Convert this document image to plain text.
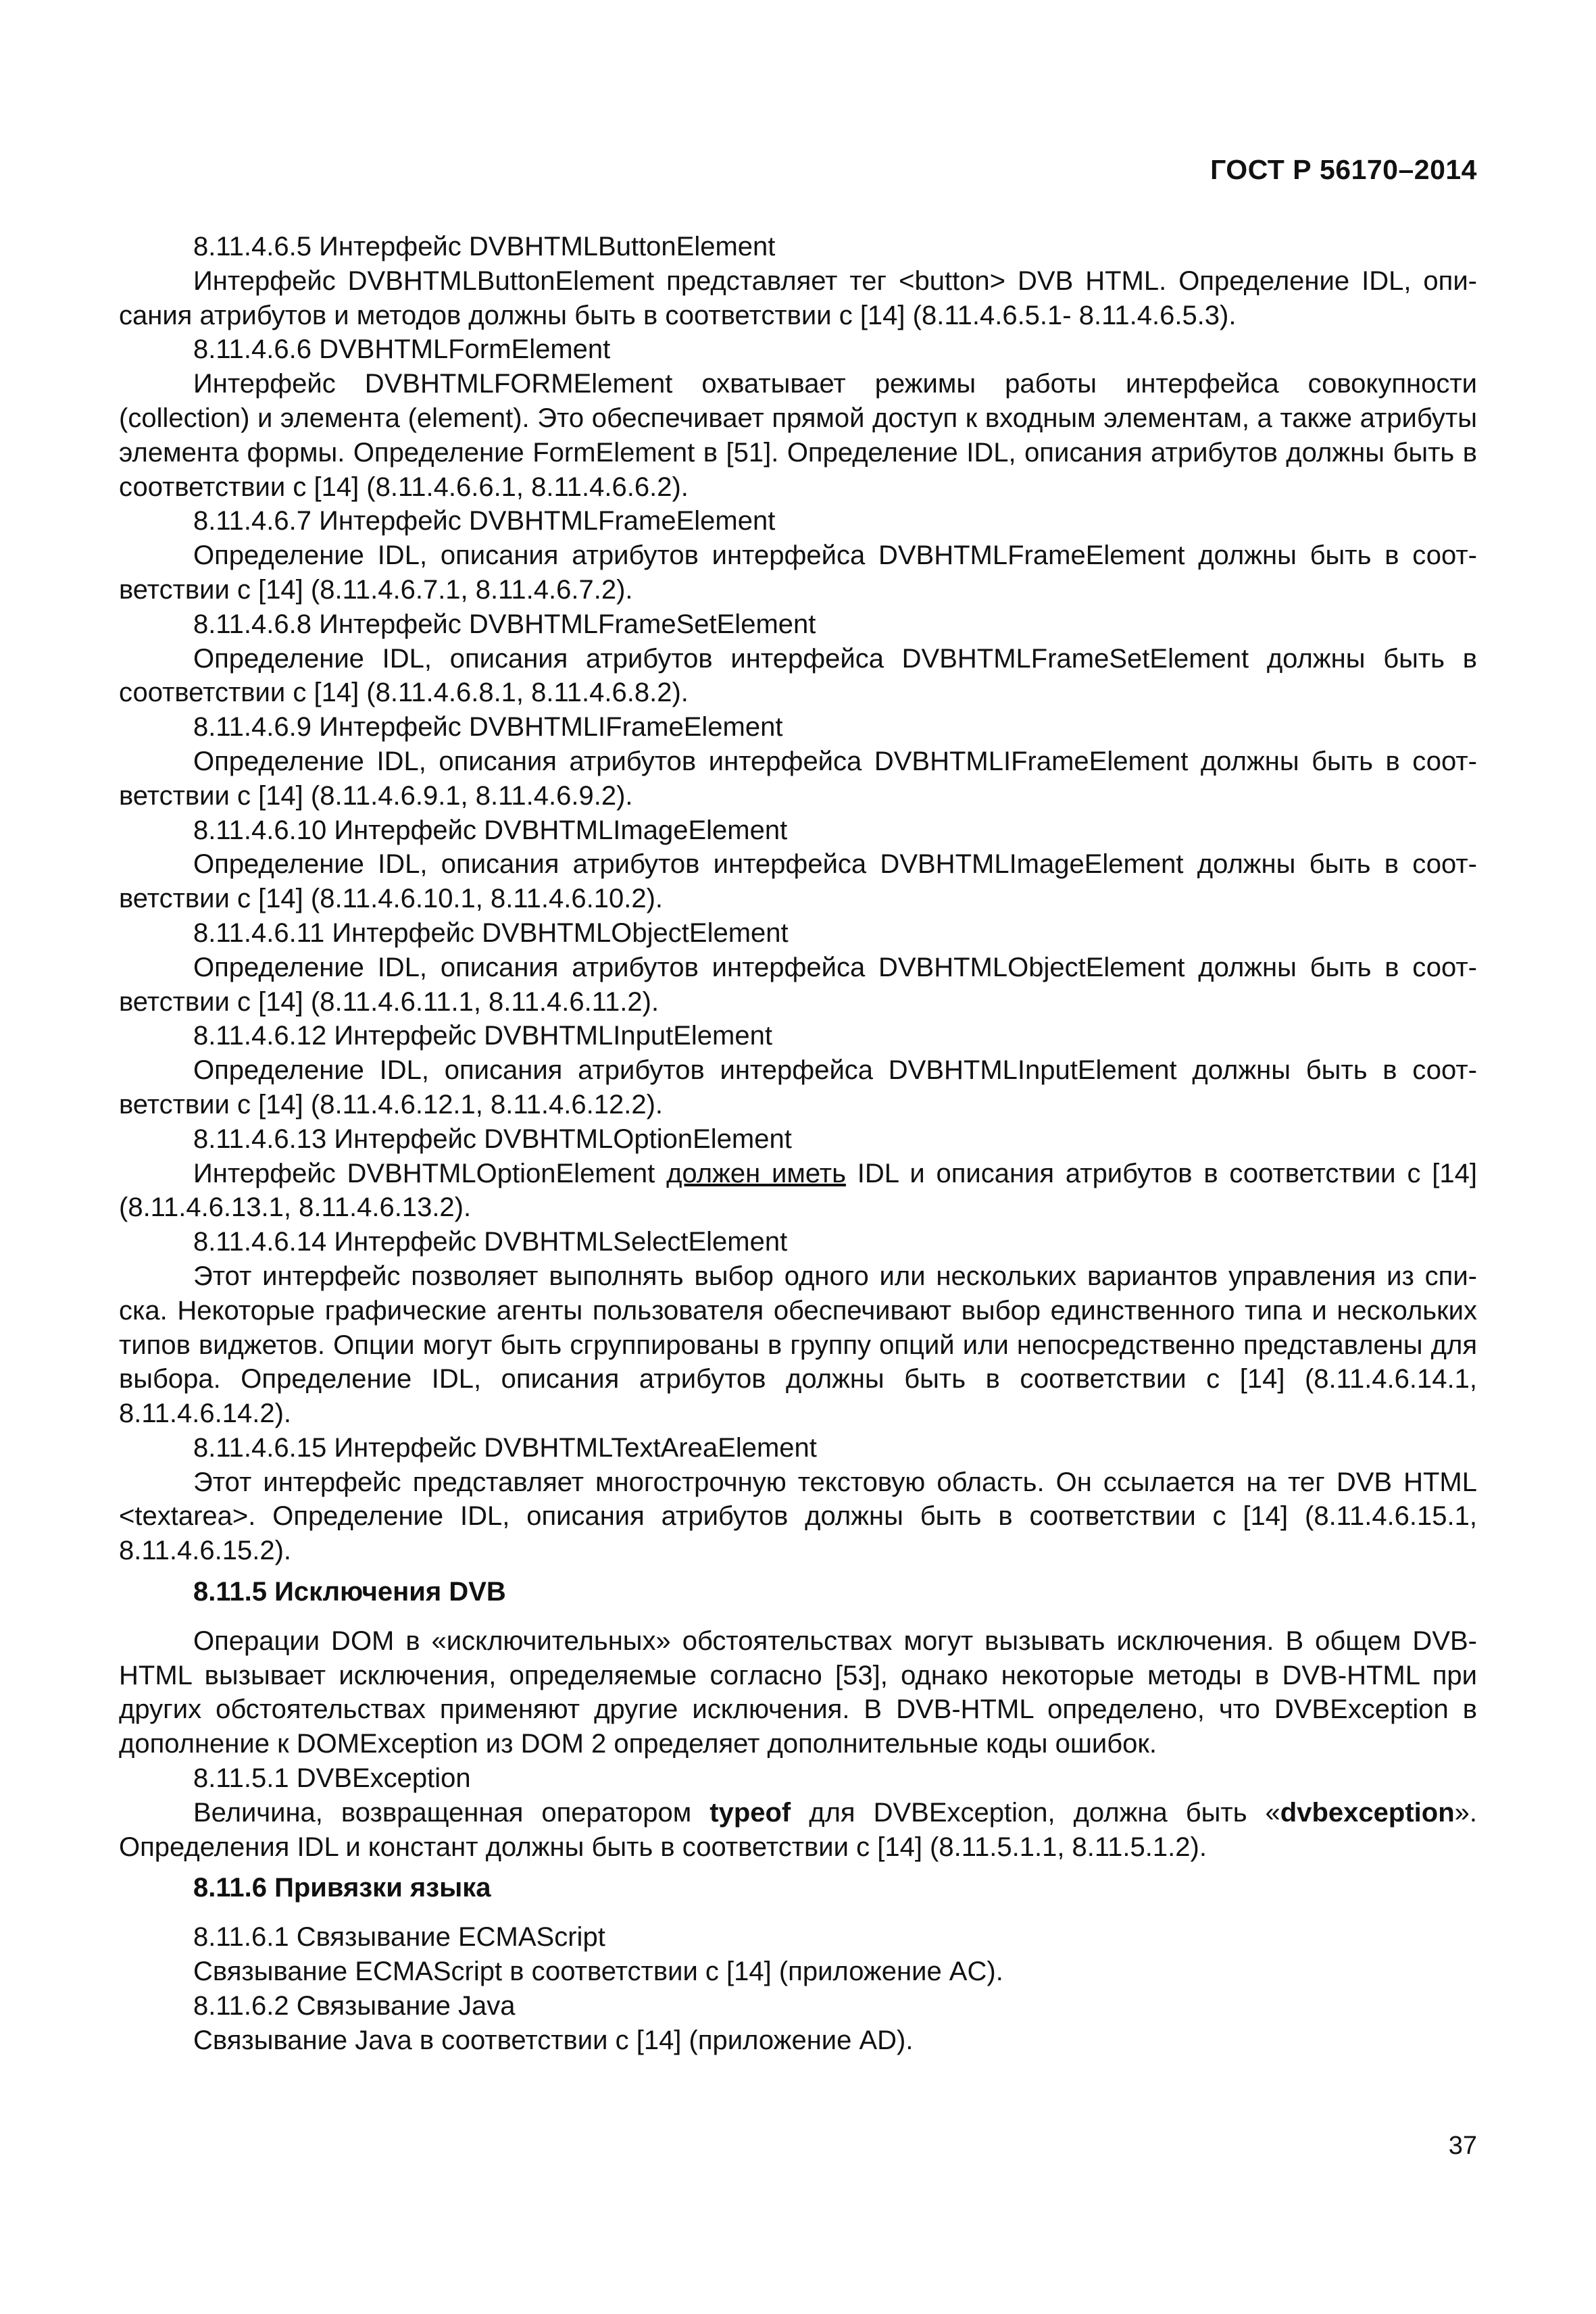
ГОСТ Р 56170–2014

8.11.4.6.5 Интерфейс DVBHTMLButtonElement

Интерфейс DVBHTMLButtonElement представляет тег <button> DVB HTML. Определение IDL, описания атрибутов и методов должны быть в соответствии с [14] (8.11.4.6.5.1- 8.11.4.6.5.3).

8.11.4.6.6 DVBHTMLFormElement

Интерфейс DVBHTMLFORMElement охватывает режимы работы интерфейса совокупности (collection) и элемента (element). Это обеспечивает прямой доступ к входным элементам, а также атрибуты элемента формы. Определение FormElement в [51]. Определение IDL, описания атрибутов должны быть в соответствии с [14] (8.11.4.6.6.1, 8.11.4.6.6.2).

8.11.4.6.7 Интерфейс DVBHTMLFrameElement

Определение IDL, описания атрибутов интерфейса DVBHTMLFrameElement должны быть в соответствии с [14] (8.11.4.6.7.1, 8.11.4.6.7.2).

8.11.4.6.8 Интерфейс DVBHTMLFrameSetElement

Определение IDL, описания атрибутов интерфейса DVBHTMLFrameSetElement должны быть в соответствии с [14] (8.11.4.6.8.1, 8.11.4.6.8.2).

8.11.4.6.9 Интерфейс DVBHTMLIFrameElement

Определение IDL, описания атрибутов интерфейса DVBHTMLIFrameElement должны быть в соответствии с [14] (8.11.4.6.9.1, 8.11.4.6.9.2).

8.11.4.6.10 Интерфейс DVBHTMLImageElement

Определение IDL, описания атрибутов интерфейса DVBHTMLImageElement должны быть в соответствии с [14] (8.11.4.6.10.1, 8.11.4.6.10.2).

8.11.4.6.11 Интерфейс DVBHTMLObjectElement

Определение IDL, описания атрибутов интерфейса DVBHTMLObjectElement должны быть в соответствии с [14] (8.11.4.6.11.1, 8.11.4.6.11.2).

8.11.4.6.12 Интерфейс DVBHTMLInputElement

Определение IDL, описания атрибутов интерфейса DVBHTMLInputElement должны быть в соответствии с [14] (8.11.4.6.12.1, 8.11.4.6.12.2).

8.11.4.6.13 Интерфейс DVBHTMLOptionElement

Интерфейс DVBHTMLOptionElement должен иметь IDL и описания атрибутов в соответствии с [14] (8.11.4.6.13.1, 8.11.4.6.13.2).

8.11.4.6.14 Интерфейс DVBHTMLSelectElement

Этот интерфейс позволяет выполнять выбор одного или нескольких вариантов управления из списка. Некоторые графические агенты пользователя обеспечивают выбор единственного типа и нескольких типов виджетов. Опции могут быть сгруппированы в группу опций или непосредственно представлены для выбора. Определение IDL, описания атрибутов должны быть в соответствии с [14] (8.11.4.6.14.1, 8.11.4.6.14.2).

8.11.4.6.15 Интерфейс DVBHTMLTextAreaElement

Этот интерфейс представляет многострочную текстовую область. Он ссылается на тег DVB HTML <textarea>. Определение IDL, описания атрибутов должны быть в соответствии с [14] (8.11.4.6.15.1, 8.11.4.6.15.2).

8.11.5 Исключения DVB

Операции DOM в «исключительных» обстоятельствах могут вызывать исключения. В общем DVB-HTML вызывает исключения, определяемые согласно [53], однако некоторые методы в DVB-HTML при других обстоятельствах применяют другие исключения. В DVB-HTML определено, что DVBException в дополнение к DOMException из DOM 2 определяет дополнительные коды ошибок.

8.11.5.1 DVBException

Величина, возвращенная оператором typeof для DVBException, должна быть «dvbexception». Определения IDL и констант должны быть в соответствии с [14] (8.11.5.1.1, 8.11.5.1.2).

8.11.6 Привязки языка

8.11.6.1 Связывание ECMAScript

Связывание ECMAScript в соответствии с [14] (приложение AC).

8.11.6.2 Связывание Java

Связывание Java в соответствии с [14] (приложение AD).

37
